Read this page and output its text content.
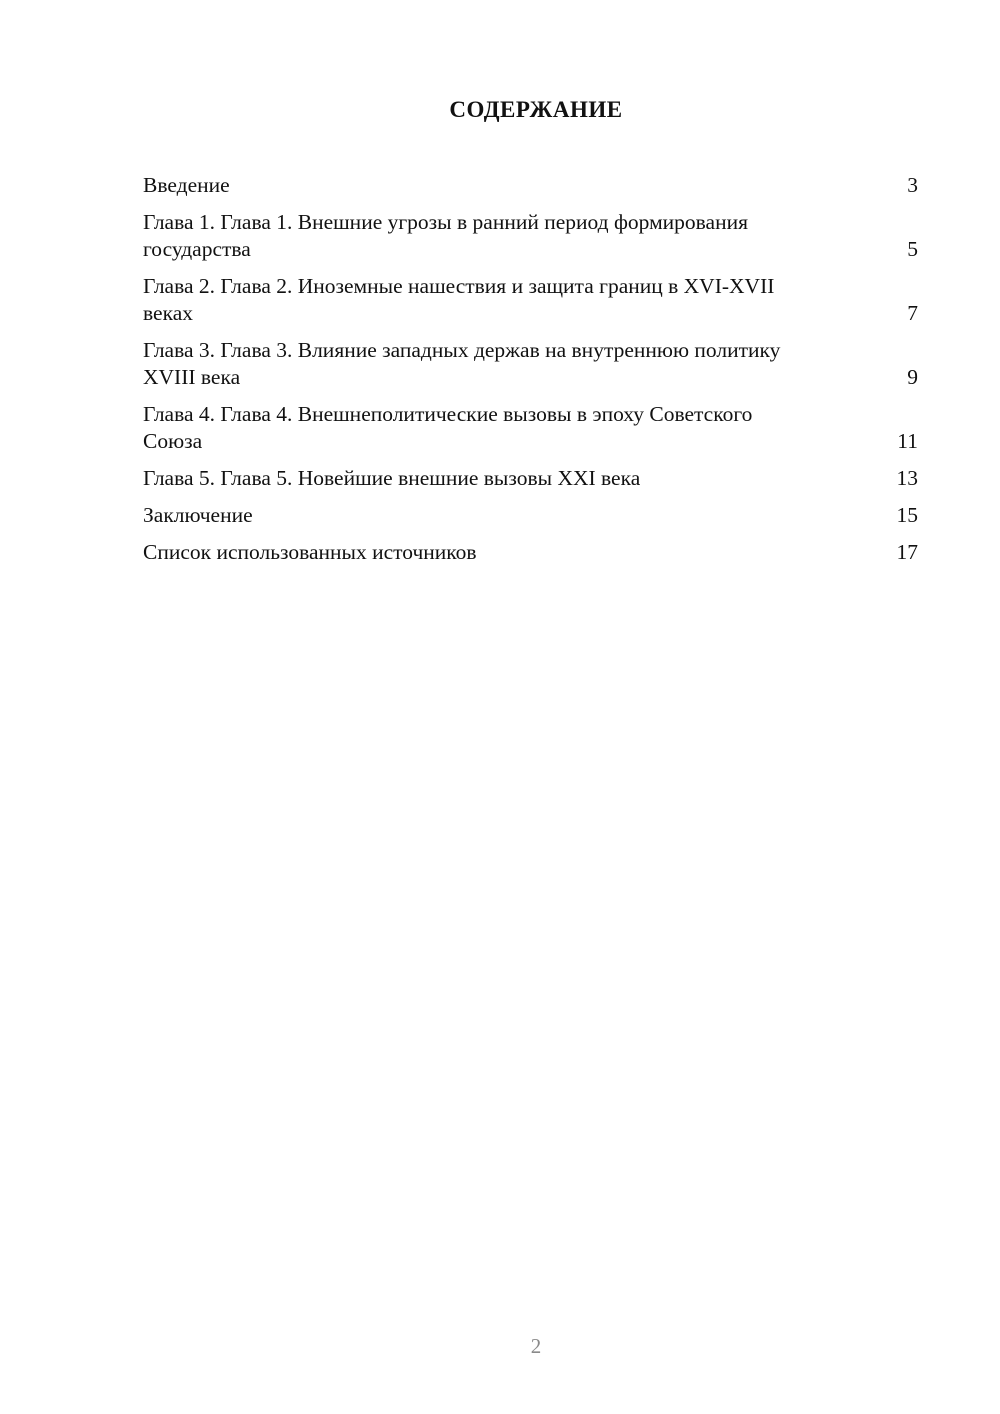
СОДЕРЖАНИЕ
Введение	3
Глава 1. Глава 1. Внешние угрозы в ранний период формирования государства	5
Глава 2. Глава 2. Иноземные нашествия и защита границ в XVI-XVII веках	7
Глава 3. Глава 3. Влияние западных держав на внутреннюю политику XVIII века	9
Глава 4. Глава 4. Внешнеполитические вызовы в эпоху Советского Союза	11
Глава 5. Глава 5. Новейшие внешние вызовы XXI века	13
Заключение	15
Список использованных источников	17
2
